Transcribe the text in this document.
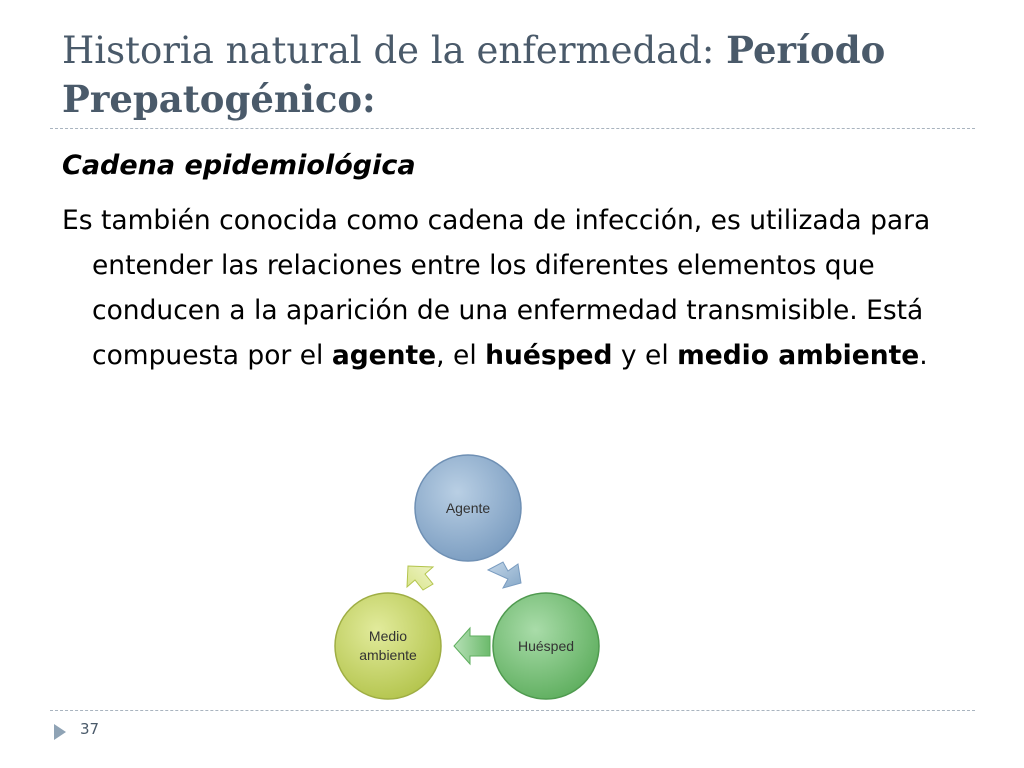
Historia natural de la enfermedad: Período Prepatogénico:

Cadena epidemiológica

Es también conocida como cadena de infección, es utilizada para entender las relaciones entre los diferentes elementos que conducen a la aparición de una enfermedad transmisible. Está compuesta por el agente, el huésped y el medio ambiente.

Agente
Huésped
Medio
ambiente

37
